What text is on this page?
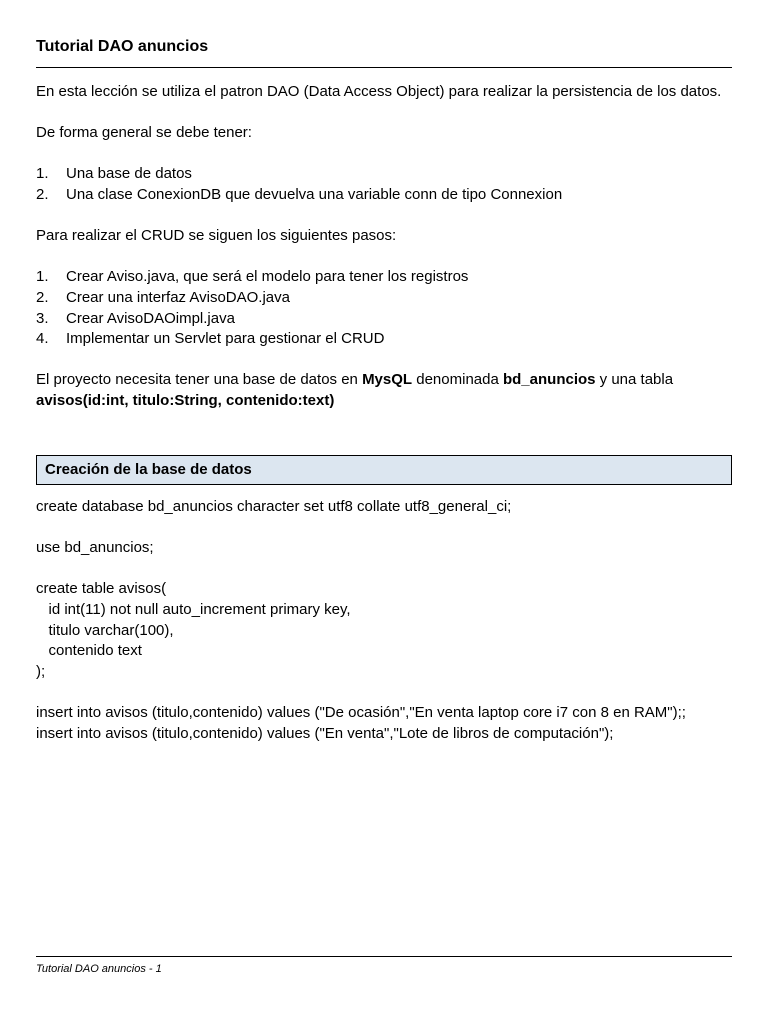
Tutorial DAO anuncios

En esta lección se utiliza el patron DAO (Data Access Object) para realizar la persistencia de los datos.

De forma general se debe tener:

1. Una base de datos
2. Una clase ConexionDB que devuelva una variable conn de tipo Connexion

Para realizar el CRUD se siguen los siguientes pasos:

1. Crear Aviso.java, que será el modelo para tener los registros
2. Crear una interfaz AvisoDAO.java
3. Crear AvisoDAOimpl.java
4. Implementar un Servlet para gestionar el CRUD

El proyecto necesita tener una base de datos en MysQL denominada bd_anuncios y una tabla
avisos(id:int, titulo:String, contenido:text)

Creación de la base de datos

create database bd_anuncios character set utf8 collate utf8_general_ci;

use bd_anuncios;

create table avisos(

id int(11) not null auto_increment primary key,

titulo varchar(100),

contenido text

);

insert into avisos (titulo,contenido) values ("De ocasión","En venta laptop core i7 con 8 en RAM");;

insert into avisos (titulo,contenido) values ("En venta","Lote de libros de computación");

Tutorial DAO anuncios - 1
